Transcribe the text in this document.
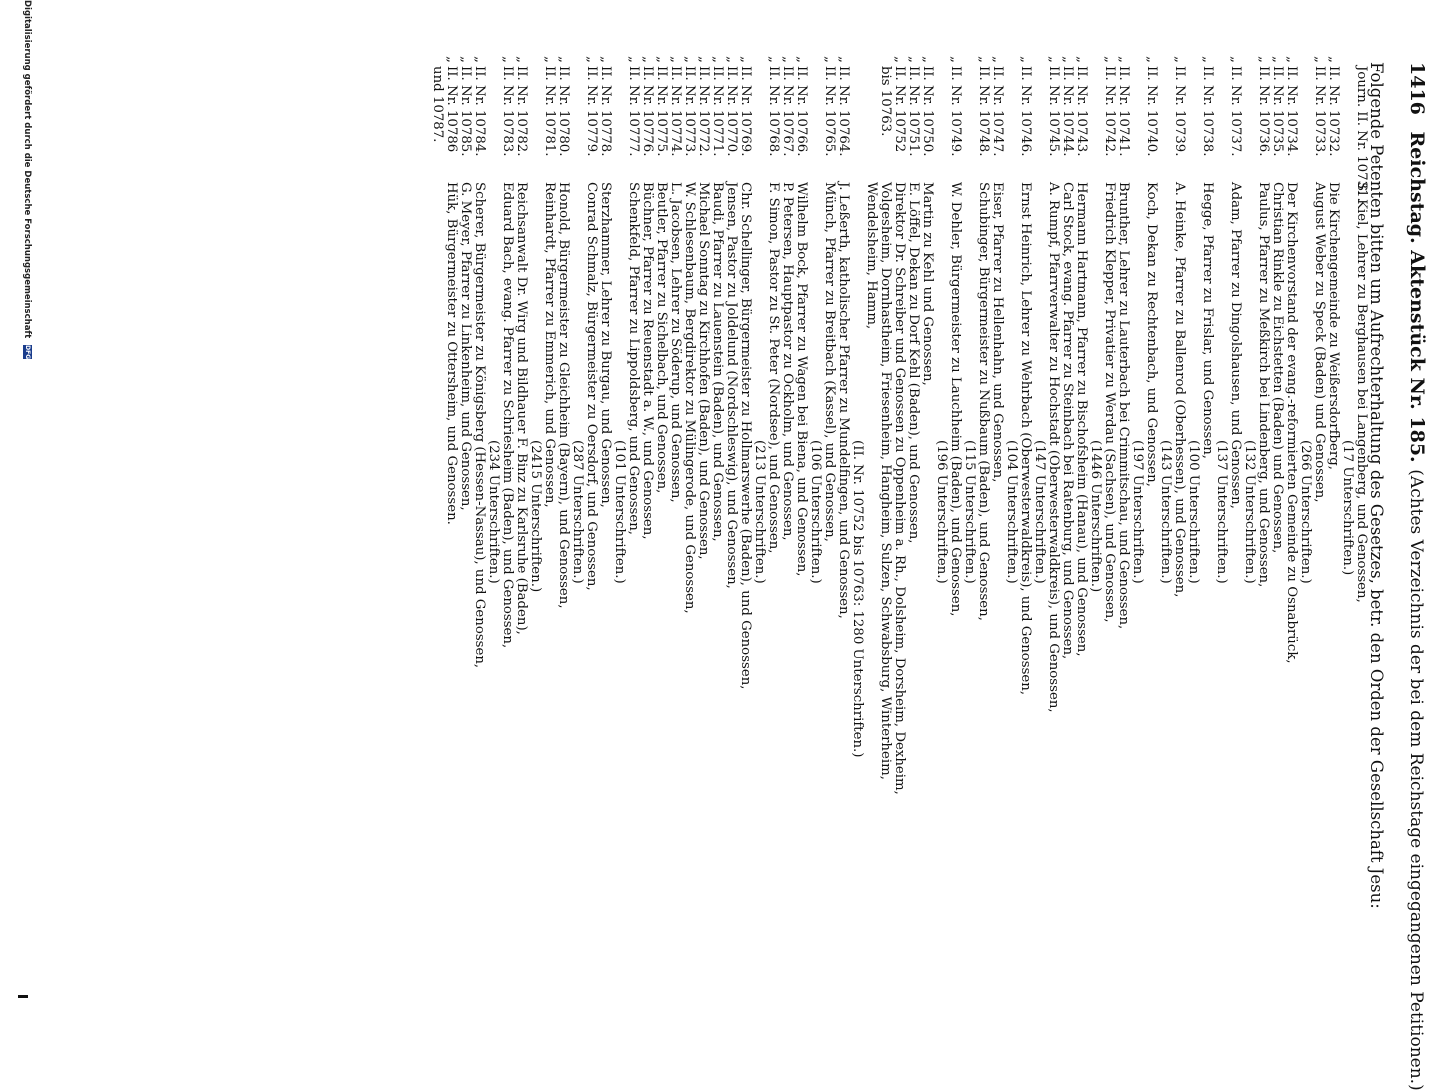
1416 Reichstag. Aktenstück Nr. 185. (Achtes Verzeichnis der bei dem Reichstage eingegangenen Petitionen.)
Folgende Petenten bitten um Aufrechterhaltung des Gesetzes, betr. den Orden der Gesellschaft Jesu:
Journ. II. Nr. 10731.
S. Kiel, Lehrer zu Berghausen bei Langenberg, und Genossen,
(17 Unterschriften.)
„
II. Nr. 10732.
Die Kirchengemeinde zu Weißersdorfberg,
„
II. Nr. 10733.
August Weber zu Speck (Baden) und Genossen,
(266 Unterschriften.)
„
II. Nr. 10734.
Der Kirchenvorstand der evang.-reformierten Gemeinde zu Osnabrück,
„
II. Nr. 10735.
Christian Rinkle zu Eichstetten (Baden) und Genossen,
„
II. Nr. 10736.
Paulus, Pfarrer zu Meßkirch bei Lindenberg, und Genossen,
(132 Unterschriften.)
„
II. Nr. 10737.
Adam, Pfarrer zu Dingolshausen, und Genossen,
(137 Unterschriften.)
„
II. Nr. 10738.
Hegge, Pfarrer zu Frislar, und Genossen,
(100 Unterschriften.)
„
II. Nr. 10739.
A. Heinke, Pfarrer zu Ballenrod (Oberhessen), und Genossen,
(143 Unterschriften.)
„
II. Nr. 10740.
Koch, Dekan zu Rechtenbach, und Genossen,
(197 Unterschriften.)
„
II. Nr. 10741.
Brunther, Lehrer zu Lauterbach bei Crimmitschau, und Genossen,
„
II. Nr. 10742.
Friedrich Klepper, Privatier zu Werdau (Sachsen), und Genossen,
(1446 Unterschriften.)
„
II. Nr. 10743.
Hermann Hartmann, Pfarrer zu Bischofsheim (Hanau), und Genossen,
„
II. Nr. 10744.
Carl Stock, evang. Pfarrer zu Steinbach bei Ratenburg, und Genossen,
„
II. Nr. 10745.
A. Rumpf, Pfarrverwalter zu Hochstadt (Oberwesterwaldkreis), und Genossen,
(147 Unterschriften.)
„
II. Nr. 10746.
Ernst Heinrich, Lehrer zu Wehrbach (Oberwesterwaldkreis), und Genossen,
(104 Unterschriften.)
„
II. Nr. 10747.
Eiser, Pfarrer zu Hellenhahn, und Genossen,
„
II. Nr. 10748.
Schubinger, Bürgermeister zu Nußbaum (Baden), und Genossen,
(115 Unterschriften.)
„
II. Nr. 10749.
W. Dehler, Bürgermeister zu Lauchheim (Baden), und Genossen,
(196 Unterschriften.)
„
II. Nr. 10750.
Martin zu Kehl und Genossen,
„
II. Nr. 10751.
E. Löffel, Dekan zu Dorf Kehl (Baden), und Genossen,
„
II. Nr. 10752
Direktor Dr. Schreiber und Genossen zu Oppenheim a. Rh., Dolsheim, Dorsheim, Dexheim,
bis 10763.
Volgesheim, Dornhastheim, Friesenheim, Hangheim, Sulzen, Schwabsburg, Winterheim,
Wendelsheim, Hamm,
(II. Nr. 10752 bis 10763: 1280 Unterschriften.)
„
II. Nr. 10764.
J. Leßerth, katholischer Pfarrer zu Mundelfingen, und Genossen,
„
II. Nr. 10765.
Münch, Pfarrer zu Breitbach (Kassel), und Genossen,
(106 Unterschriften.)
„
II. Nr. 10766.
Wilhelm Bock, Pfarrer zu Wagen bei Biena, und Genossen,
„
II. Nr. 10767.
P. Petersen, Hauptpastor zu Ockholm, und Genossen,
„
II. Nr. 10768.
F. Simon, Pastor zu St. Peter (Nordsee), und Genossen,
(213 Unterschriften.)
„
II. Nr. 10769.
Chr. Schellinger, Bürgermeister zu Hollmarswerhe (Baden), und Genossen,
„
II. Nr. 10770.
Jensen, Pastor zu Joldelund (Nordschleswig), und Genossen,
„
II. Nr. 10771.
Baudi, Pfarrer zu Lauenstein (Baden), und Genossen,
„
II. Nr. 10772.
Michael Sonntag zu Kirchhofen (Baden), und Genossen,
„
II. Nr. 10773.
W. Schlesenbaum, Bergdirektor zu Mülingerode, und Genossen,
„
II. Nr. 10774.
L. Jacobsen, Lehrer zu Söderup, und Genossen,
„
II. Nr. 10775.
Beutler, Pfarrer zu Sichelbach, und Genossen,
„
II. Nr. 10776.
Büchner, Pfarrer zu Reuenstadt a. W., und Genossen,
„
II. Nr. 10777.
Schenkfeld, Pfarrer zu Lippoldsberg, und Genossen,
(101 Unterschriften.)
„
II. Nr. 10778.
Sterzhammer, Lehrer zu Burgau, und Genossen,
„
II. Nr. 10779.
Conrad Schmalz, Bürgermeister zu Oersdorf, und Genossen,
(287 Unterschriften.)
„
II. Nr. 10780.
Honold, Bürgermeister zu Gleichheim (Bayern), und Genossen,
„
II. Nr. 10781.
Reinhardt, Pfarrer zu Emmerich, und Genossen,
(2415 Unterschriften.)
„
II. Nr. 10782.
Reichsanwalt Dr. Wirg und Bildhauer F. Binz zu Karlsruhe (Baden),
„
II. Nr. 10783.
Eduard Bach, evang. Pfarrer zu Schriesheim (Baden), und Genossen,
(234 Unterschriften.)
„
II. Nr. 10784.
Scherer, Bürgermeister zu Königsberg (Hessen-Nassau), und Genossen,
„
II. Nr. 10785.
G. Meyer, Pfarrer zu Linkenheim, und Genossen,
„
II. Nr. 10786
Hük, Bürgermeister zu Ottersheim, und Genossen.
und 10787.
Digitalisierung gefördert durch die Deutsche Forschungsgemeinschaft DFG
